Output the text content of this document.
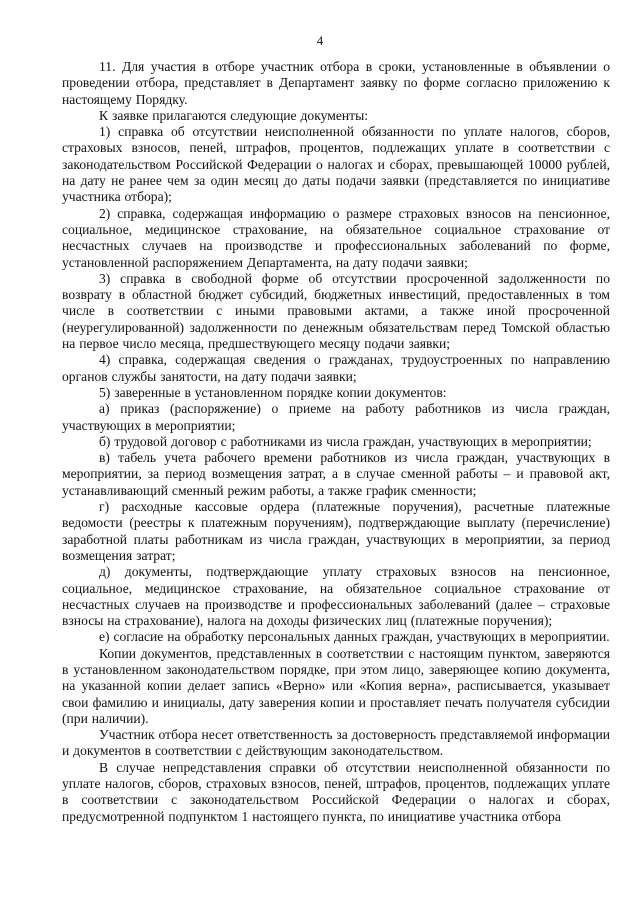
4

11. Для участия в отборе участник отбора в сроки, установленные в объявлении о проведении отбора, представляет в Департамент заявку по форме согласно приложению к настоящему Порядку.

К заявке прилагаются следующие документы:

1) справка об отсутствии неисполненной обязанности по уплате налогов, сборов, страховых взносов, пеней, штрафов, процентов, подлежащих уплате в соответствии с законодательством Российской Федерации о налогах и сборах, превышающей 10000 рублей, на дату не ранее чем за один месяц до даты подачи заявки (представляется по инициативе участника отбора);

2) справка, содержащая информацию о размере страховых взносов на пенсионное, социальное, медицинское страхование, на обязательное социальное страхование от несчастных случаев на производстве и профессиональных заболеваний по форме, установленной распоряжением Департамента, на дату подачи заявки;

3) справка в свободной форме об отсутствии просроченной задолженности по возврату в областной бюджет субсидий, бюджетных инвестиций, предоставленных в том числе в соответствии с иными правовыми актами, а также иной просроченной (неурегулированной) задолженности по денежным обязательствам перед Томской областью на первое число месяца, предшествующего месяцу подачи заявки;

4) справка, содержащая сведения о гражданах, трудоустроенных по направлению органов службы занятости, на дату подачи заявки;

5) заверенные в установленном порядке копии документов:

а) приказ (распоряжение) о приеме на работу работников из числа граждан, участвующих в мероприятии;

б) трудовой договор с работниками из числа граждан, участвующих в мероприятии;

в) табель учета рабочего времени работников из числа граждан, участвующих в мероприятии, за период возмещения затрат, а в случае сменной работы – и правовой акт, устанавливающий сменный режим работы, а также график сменности;

г) расходные кассовые ордера (платежные поручения), расчетные платежные ведомости (реестры к платежным поручениям), подтверждающие выплату (перечисление) заработной платы работникам из числа граждан, участвующих в мероприятии, за период возмещения затрат;

д) документы, подтверждающие уплату страховых взносов на пенсионное, социальное, медицинское страхование, на обязательное социальное страхование от несчастных случаев на производстве и профессиональных заболеваний (далее – страховые взносы на страхование), налога на доходы физических лиц (платежные поручения);

е) согласие на обработку персональных данных граждан, участвующих в мероприятии.

Копии документов, представленных в соответствии с настоящим пунктом, заверяются в установленном законодательством порядке, при этом лицо, заверяющее копию документа, на указанной копии делает запись «Верно» или «Копия верна», расписывается, указывает свои фамилию и инициалы, дату заверения копии и проставляет печать получателя субсидии (при наличии).

Участник отбора несет ответственность за достоверность представляемой информации и документов в соответствии с действующим законодательством.

В случае непредставления справки об отсутствии неисполненной обязанности по уплате налогов, сборов, страховых взносов, пеней, штрафов, процентов, подлежащих уплате в соответствии с законодательством Российской Федерации о налогах и сборах, предусмотренной подпунктом 1 настоящего пункта, по инициативе участника отбора
